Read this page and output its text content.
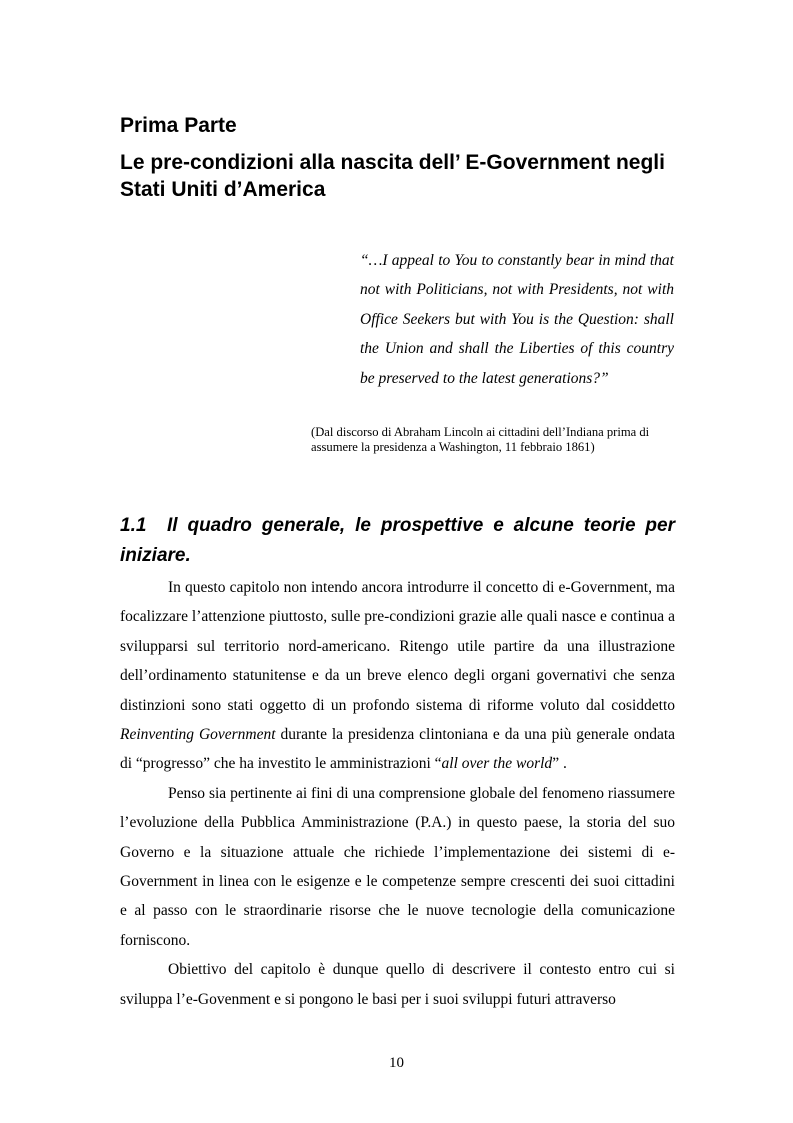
Prima Parte
Le pre-condizioni alla nascita dell’ E-Government negli Stati Uniti d’America

“…I appeal to You to constantly bear in mind that not with Politicians, not with Presidents, not with Office Seekers but with You is the Question: shall the Union and shall the Liberties of this country be preserved to the latest generations?”

(Dal discorso di Abraham Lincoln ai cittadini dell’Indiana prima di assumere la presidenza a Washington, 11 febbraio 1861)

1.1 Il quadro generale, le prospettive e alcune teorie per iniziare.

In questo capitolo non intendo ancora introdurre il concetto di e-Government, ma focalizzare l’attenzione piuttosto, sulle pre-condizioni grazie alle quali nasce e continua a svilupparsi sul territorio nord-americano. Ritengo utile partire da una illustrazione dell’ordinamento statunitense e da un breve elenco degli organi governativi che senza distinzioni sono stati oggetto di un profondo sistema di riforme voluto dal cosiddetto Reinventing Government durante la presidenza clintoniana e da una più generale ondata di “progresso” che ha investito le amministrazioni “all over the world” .

Penso sia pertinente ai fini di una comprensione globale del fenomeno riassumere l’evoluzione della Pubblica Amministrazione (P.A.) in questo paese, la storia del suo Governo e la situazione attuale che richiede l’implementazione dei sistemi di e-Government in linea con le esigenze e le competenze sempre crescenti dei suoi cittadini e al passo con le straordinarie risorse che le nuove tecnologie della comunicazione forniscono.

Obiettivo del capitolo è dunque quello di descrivere il contesto entro cui si sviluppa l’e-Govenment e si pongono le basi per i suoi sviluppi futuri attraverso

10
